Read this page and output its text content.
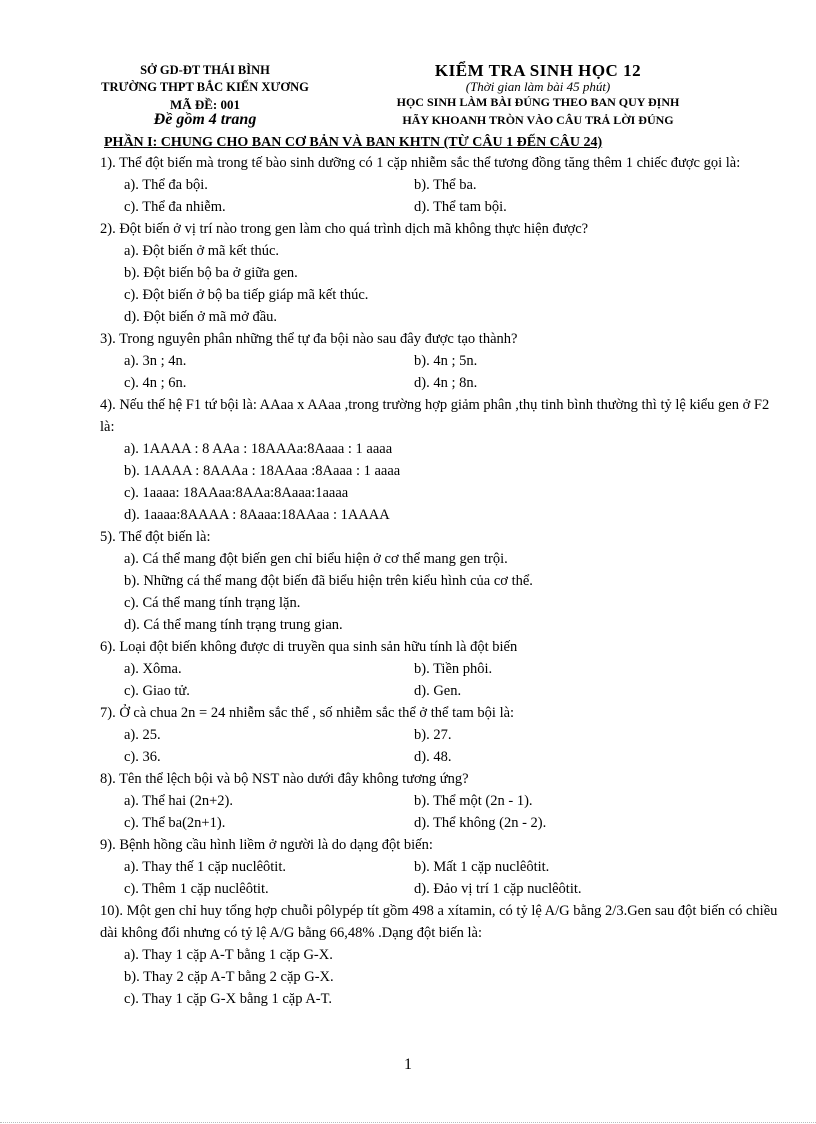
SỞ GD-ĐT THÁI BÌNH
TRƯỜNG THPT BẮC KIẾN XƯƠNG
MÃ ĐỀ: 001
Đề gồm 4 trang
KIỂM TRA SINH HỌC 12
(Thời gian làm bài 45 phút)
HỌC SINH LÀM BÀI ĐÚNG THEO BAN QUY ĐỊNH
HÃY KHOANH TRÒN VÀO CÂU TRẢ LỜI ĐÚNG
PHẦN I: CHUNG CHO BAN CƠ BẢN VÀ BAN KHTN (TỪ CÂU 1 ĐẾN CÂU 24)
1). Thể đột biến mà trong tế bào sinh dưỡng có 1 cặp nhiễm sắc thể tương đồng tăng thêm 1 chiếc được gọi là:
a). Thể đa bội.	b). Thể ba.
c). Thể đa nhiễm.	d). Thể tam bội.
2). Đột biến ở vị trí nào trong gen làm cho quá trình dịch mã không thực hiện được?
a). Đột biến ở mã kết thúc.
b). Đột biến bộ ba ở giữa gen.
c). Đột biến ở bộ ba tiếp giáp mã kết thúc.
d). Đột biến ở mã mở đầu.
3). Trong nguyên phân những thể tự đa bội nào sau đây được tạo thành?
a). 3n ; 4n.	b). 4n ; 5n.
c). 4n ; 6n.	d). 4n ; 8n.
4). Nếu thế hệ F1 tứ bội là: AAaa x AAaa ,trong trường hợp giảm phân ,thụ tinh bình thường thì tỷ lệ kiểu gen ở F2 là:
a). 1AAAA : 8 AAa : 18AAAa:8Aaaa : 1 aaaa
b). 1AAAA : 8AAAa : 18AAaa :8Aaaa : 1 aaaa
c). 1aaaa: 18AAaa:8AAa:8Aaaa:1aaaa
d). 1aaaa:8AAAA : 8Aaaa:18AAaa : 1AAAA
5). Thể đột biến là:
a). Cá thể mang đột biến gen chỉ biểu hiện ở cơ thể mang gen trội.
b). Những cá thể mang đột biến đã biểu hiện trên kiểu hình của cơ thể.
c). Cá thể mang tính trạng lặn.
d). Cá thể mang tính trạng trung gian.
6). Loại đột biến không được di truyền qua sinh sản hữu tính là đột biến
a). Xôma.	b). Tiền phôi.
c). Giao tử.	d). Gen.
7). Ở cà chua 2n = 24 nhiễm sắc thể , số nhiễm sắc thể ở thể tam bội là:
a). 25.	b). 27.
c). 36.	d). 48.
8). Tên thể lệch bội và bộ NST nào dưới đây không tương ứng?
a). Thể hai (2n+2).	b). Thể một (2n - 1).
c). Thể ba(2n+1).	d). Thể không (2n - 2).
9). Bệnh hồng cầu hình liềm ở người là do dạng đột biến:
a). Thay thế 1 cặp nuclêôtit.	b). Mất 1 cặp nuclêôtit.
c). Thêm 1 cặp nuclêôtit.	d). Đảo vị trí 1 cặp nuclêôtit.
10). Một gen chỉ huy tổng hợp chuỗi pôlypép tít gồm 498 a xítamin, có tỷ lệ A/G bằng 2/3.Gen sau đột biến có chiều dài không đổi nhưng có tỷ lệ A/G bằng 66,48% .Dạng đột biến là:
a). Thay 1 cặp A-T bằng 1 cặp G-X.
b). Thay 2 cặp A-T bằng 2 cặp G-X.
c). Thay 1 cặp G-X bằng 1 cặp A-T.
1
